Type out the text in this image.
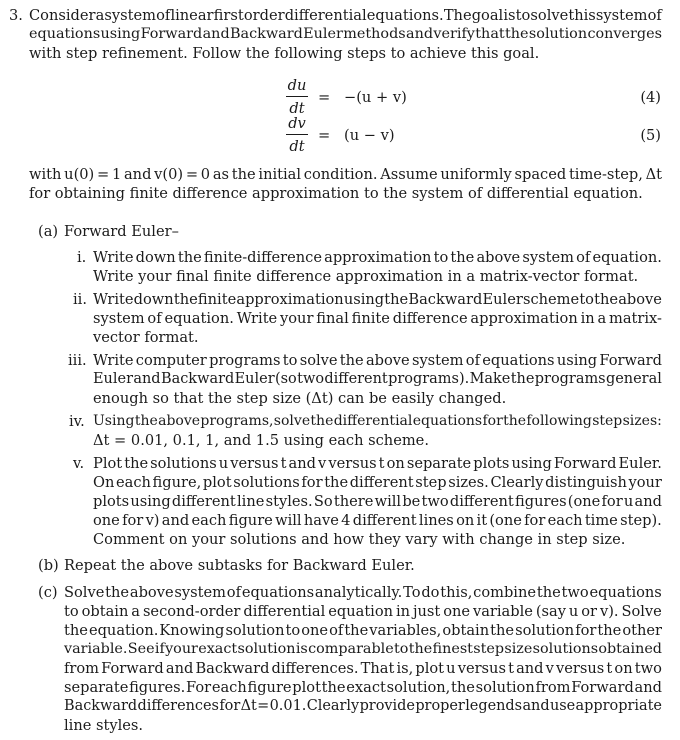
3. Consider a system of linear first order differential equations. The goal is to solve this system of
equations using Forward and Backward Euler methods and verify that the solution converges
with step refinement. Follow the following steps to achieve this goal.
du
dt
= −(u + v)	(4)
dv
dt
= (u − v)	(5)
with u(0) = 1 and v(0) = 0 as the initial condition. Assume uniformly spaced time-step, Δt
for obtaining finite difference approximation to the system of differential equation.
(a) Forward Euler–
i. Write down the finite-difference approximation to the above system of equation.
Write your final finite difference approximation in a matrix-vector format.
ii. Write down the finite approximation using the Backward Euler scheme to the above
system of equation. Write your final finite difference approximation in a matrix-
vector format.
iii. Write computer programs to solve the above system of equations using Forward
Euler and Backward Euler (so two different programs). Make the programs general
enough so that the step size (Δt) can be easily changed.
iv. Using the above programs, solve the differential equations for the following step sizes:
Δt = 0.01, 0.1, 1, and 1.5 using each scheme.
v. Plot the solutions u versus t and v versus t on separate plots using Forward Euler.
On each figure, plot solutions for the different step sizes. Clearly distinguish your
plots using different line styles. So there will be two different figures (one for u and
one for v) and each figure will have 4 different lines on it (one for each time step).
Comment on your solutions and how they vary with change in step size.
(b) Repeat the above subtasks for Backward Euler.
(c) Solve the above system of equations analytically. To do this, combine the two equations
to obtain a second-order differential equation in just one variable (say u or v). Solve
the equation. Knowing solution to one of the variables, obtain the solution for the other
variable. See if your exact solution is comparable to the finest step size solutions obtained
from Forward and Backward differences. That is, plot u versus t and v versus t on two
separate figures. For each figure plot the exact solution, the solution from Forward and
Backward differences for Δt = 0.01. Clearly provide proper legends and use appropriate
line styles.
